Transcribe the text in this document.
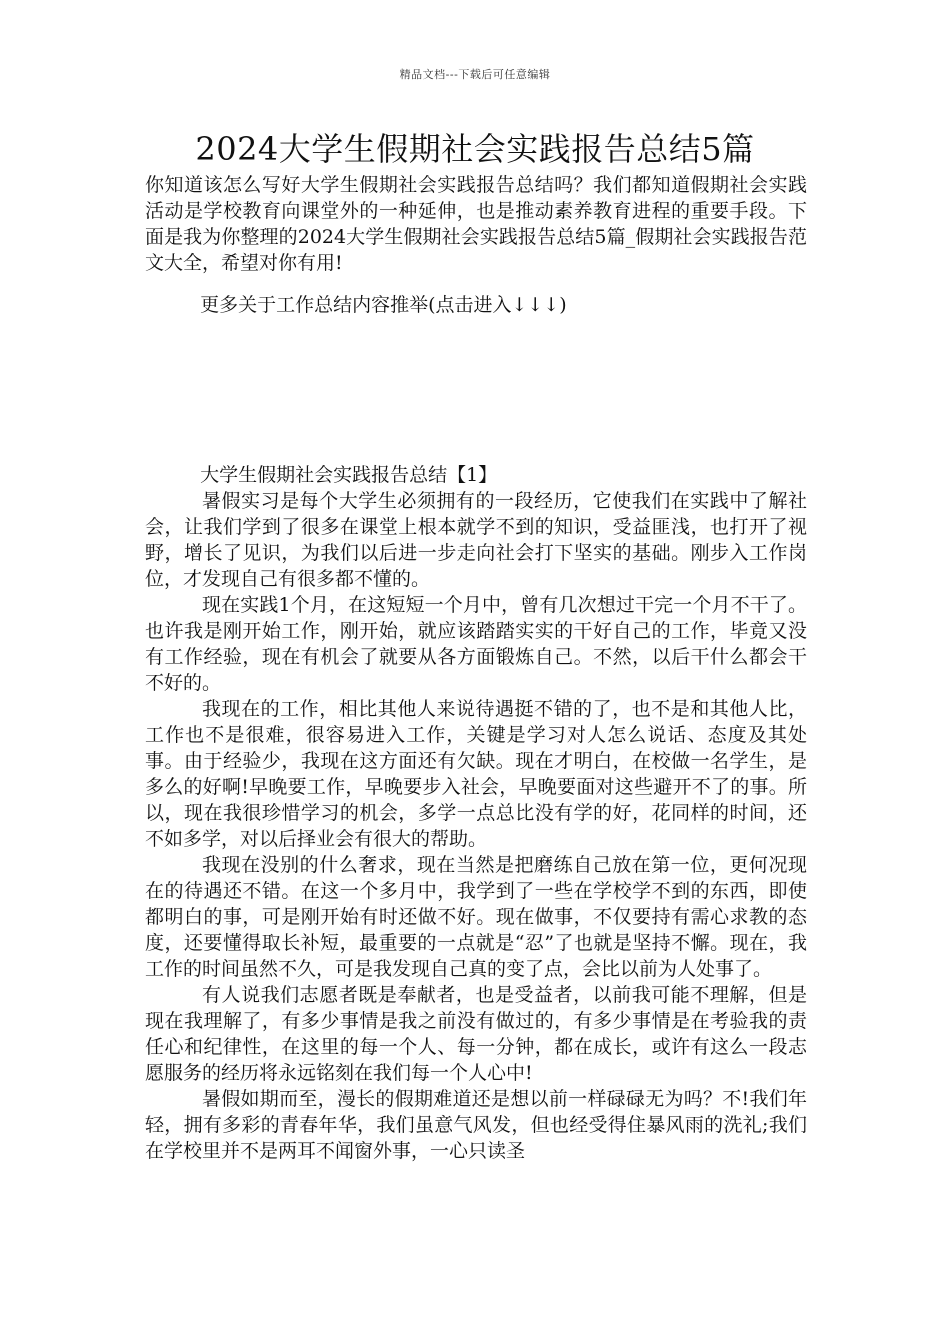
精品文档---下载后可任意编辑
2024大学生假期社会实践报告总结5篇

你知道该怎么写好大学生假期社会实践报告总结吗？我们都知道假期社会实践活动是学校教育向课堂外的一种延伸，也是推动素养教育进程的重要手段。下面是我为你整理的2024大学生假期社会实践报告总结5篇_假期社会实践报告范文大全，希望对你有用!

更多关于工作总结内容推举(点击进入↓↓↓)

大学生假期社会实践报告总结【1】

暑假实习是每个大学生必须拥有的一段经历，它使我们在实践中了解社会，让我们学到了很多在课堂上根本就学不到的知识，受益匪浅，也打开了视野，增长了见识，为我们以后进一步走向社会打下坚实的基础。刚步入工作岗位，才发现自己有很多都不懂的。

现在实践1个月，在这短短一个月中，曾有几次想过干完一个月不干了。也许我是刚开始工作，刚开始，就应该踏踏实实的干好自己的工作，毕竟又没有工作经验，现在有机会了就要从各方面锻炼自己。不然，以后干什么都会干不好的。

我现在的工作，相比其他人来说待遇挺不错的了，也不是和其他人比，工作也不是很难，很容易进入工作，关键是学习对人怎么说话、态度及其处事。由于经验少，我现在这方面还有欠缺。现在才明白，在校做一名学生，是多么的好啊!早晚要工作，早晚要步入社会，早晚要面对这些避开不了的事。所以，现在我很珍惜学习的机会，多学一点总比没有学的好，花同样的时间，还不如多学，对以后择业会有很大的帮助。

我现在没别的什么奢求，现在当然是把磨练自己放在第一位，更何况现在的待遇还不错。在这一个多月中，我学到了一些在学校学不到的东西，即使都明白的事，可是刚开始有时还做不好。现在做事，不仅要持有需心求教的态度，还要懂得取长补短，最重要的一点就是“忍”了也就是坚持不懈。现在，我工作的时间虽然不久，可是我发现自己真的变了点，会比以前为人处事了。

有人说我们志愿者既是奉献者，也是受益者，以前我可能不理解，但是现在我理解了，有多少事情是我之前没有做过的，有多少事情是在考验我的责任心和纪律性，在这里的每一个人、每一分钟，都在成长，或许有这么一段志愿服务的经历将永远铭刻在我们每一个人心中!

暑假如期而至，漫长的假期难道还是想以前一样碌碌无为吗？不!我们年轻，拥有多彩的青春年华，我们虽意气风发，但也经受得住暴风雨的洗礼;我们在学校里并不是两耳不闻窗外事，一心只读圣
